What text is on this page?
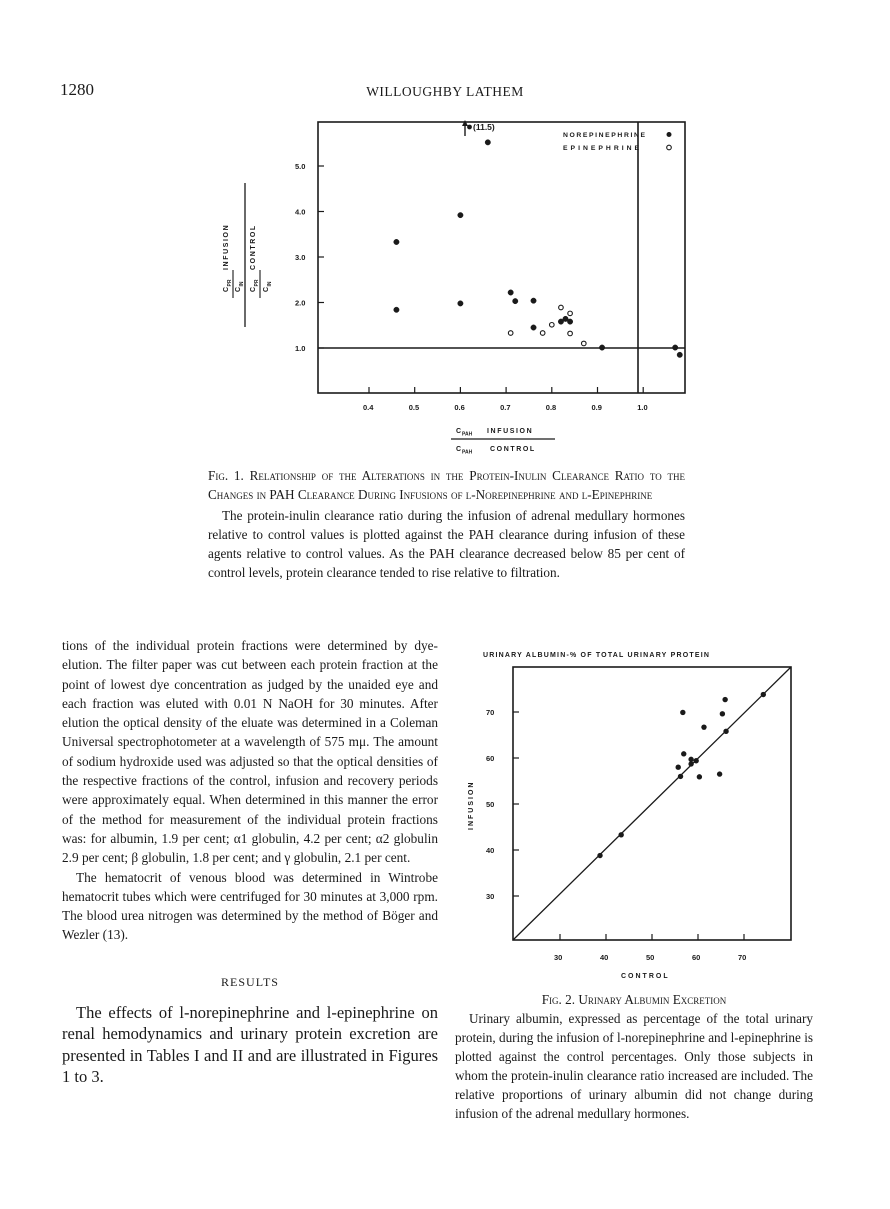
1280	WILLOUGHBY LATHEM
0.4	0.5	0.6	0.7	0.8	0.9	1.0
1.0
2.0
3.0
4.0
5.0
(11.5)
NOREPINEPHRINE
EPINEPHRINE
C
PR
INFUSION
C
IN
C
PR
CONTROL
C
IN
C PAH INFUSION
C PAH	CONTROL
Fig. 1. Relationship of the Alterations in the Protein-Inulin Clearance Ratio to the Changes in PAH Clearance During Infusions of l-Norepinephrine and l-Epinephrine
The protein-inulin clearance ratio during the infusion of adrenal medullary hormones relative to control values is plotted against the PAH clearance during infusion of these agents relative to control values. As the PAH clearance decreased below 85 per cent of control levels, protein clearance tended to rise relative to filtration.
tions of the individual protein fractions were determined by dye-elution. The filter paper was cut between each protein fraction at the point of lowest dye concentration as judged by the unaided eye and each fraction was eluted with 0.01 N NaOH for 30 minutes. After elution the optical density of the eluate was determined in a Coleman Universal spectrophotometer at a wavelength of 575 mμ. The amount of sodium hydroxide used was adjusted so that the optical densities of the respective fractions of the control, infusion and recovery periods were approximately equal. When determined in this manner the error of the method for measurement of the individual protein fractions was: for albumin, 1.9 per cent; α1 globulin, 4.2 per cent; α2 globulin 2.9 per cent; β globulin, 1.8 per cent; and γ globulin, 2.1 per cent.
The hematocrit of venous blood was determined in Wintrobe hematocrit tubes which were centrifuged for 30 minutes at 3,000 rpm. The blood urea nitrogen was determined by the method of Böger and Wezler (13).
RESULTS
The effects of l-norepinephrine and l-epinephrine on renal hemodynamics and urinary protein excretion are presented in Tables I and II and are illustrated in Figures 1 to 3.
URINARY ALBUMIN-% OF TOTAL URINARY PROTEIN
30	40	50	60	70
30
40
50
60
70
INFUSION
CONTROL
Fig. 2. Urinary Albumin Excretion
Urinary albumin, expressed as percentage of the total urinary protein, during the infusion of l-norepinephrine and l-epinephrine is plotted against the control percentages. Only those subjects in whom the protein-inulin clearance ratio increased are included. The relative proportions of urinary albumin did not change during infusion of the adrenal medullary hormones.
